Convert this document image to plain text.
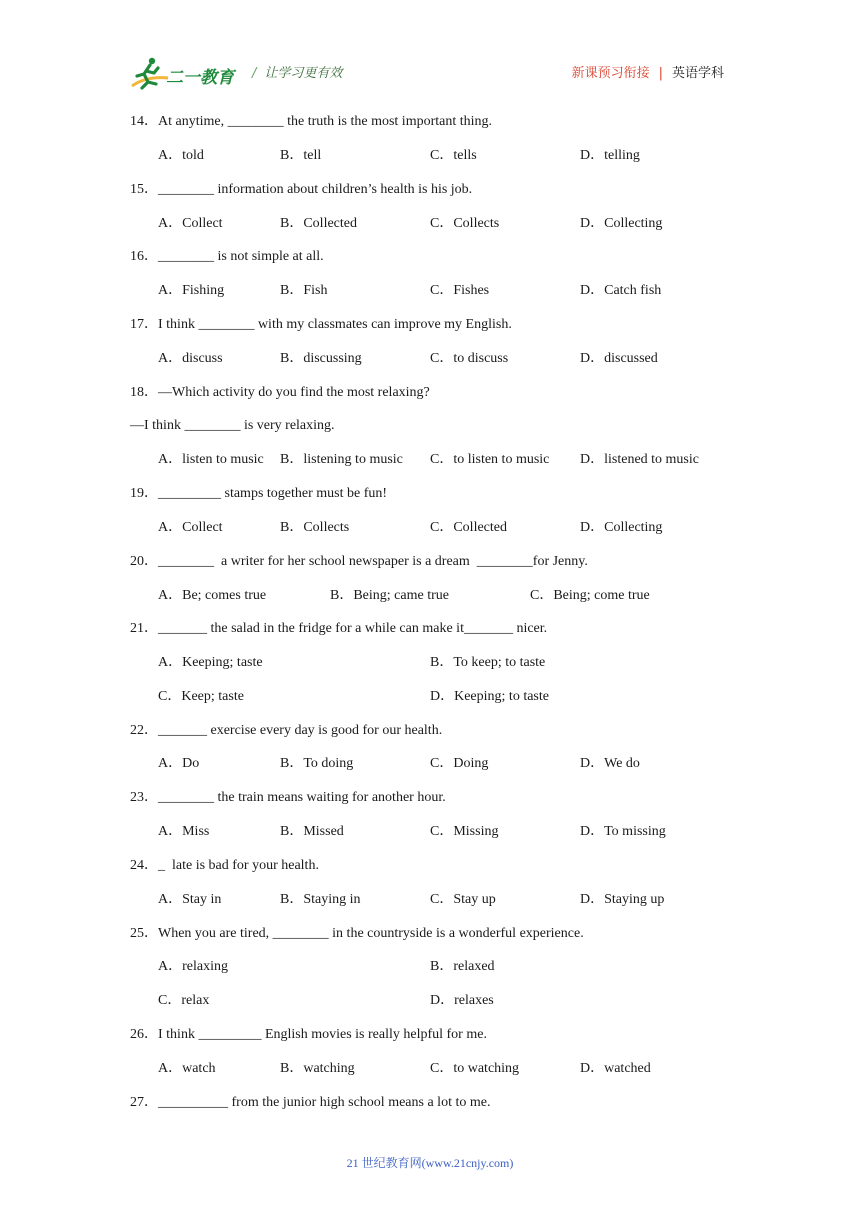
二一教育 / 让学习更有效	新课预习衔接 | 英语学科
14．At anytime, ________ the truth is the most important thing.
A．told	B．tell	C．tells	D．telling
15．________ information about children’s health is his job.
A．Collect	B．Collected	C．Collects	D．Collecting
16．________ is not simple at all.
A．Fishing	B．Fish	C．Fishes	D．Catch fish
17．I think ________ with my classmates can improve my English.
A．discuss	B．discussing	C．to discuss	D．discussed
18．—Which activity do you find the most relaxing?
—I think ________ is very relaxing.
A．listen to music B．listening to music C．to listen to music D．listened to music
19．_________ stamps together must be fun!
A．Collect	B．Collects	C．Collected	D．Collecting
20．________  a writer for her school newspaper is a dream  ________for Jenny.
A．Be; comes true	B．Being; came true	C．Being; come true
21．_______ the salad in the fridge for a while can make it_______ nicer.
A．Keeping; taste	B．To keep; to taste
C．Keep; taste	D．Keeping; to taste
22．_______ exercise every day is good for our health.
A．Do	B．To doing	C．Doing	D．We do
23．________ the train means waiting for another hour.
A．Miss	B．Missed	C．Missing	D．To missing
24．_  late is bad for your health.
A．Stay in	B．Staying in	C．Stay up	D．Staying up
25．When you are tired, ________ in the countryside is a wonderful experience.
A．relaxing	B．relaxed
C．relax	D．relaxes
26．I think _________ English movies is really helpful for me.
A．watch	B．watching	C．to watching	D．watched
27．__________ from the junior high school means a lot to me.
21 世纪教育网(www.21cnjy.com)
